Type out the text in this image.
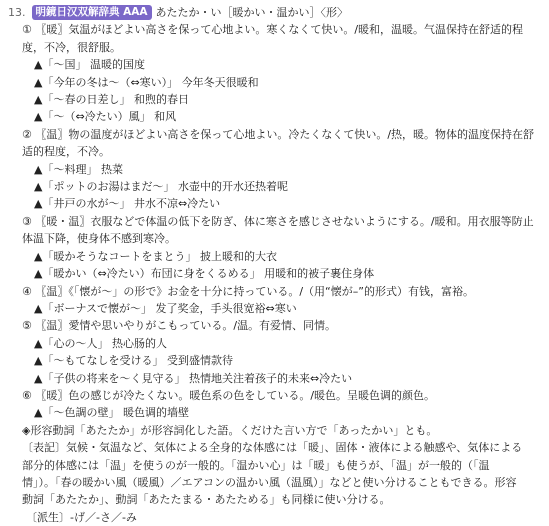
13. 明鏡日汉双解辞典 AAA あたたか・い［暖かい・温かい］〈形〉
① 〖暖〗気温がほどよい高さを保って心地よい。寒くなくて快い。/暖和，温暖。气温保持在舒适的程
度，不冷，很舒服。
▲「〜国」 温暖的国度
▲「今年の冬は〜（⇔寒い）」 今年冬天很暖和
▲「〜春の日差し」 和煦的春日
▲「〜（⇔冷たい）風」 和风
② 〖温〗物の温度がほどよい高さを保って心地よい。冷たくなくて快い。/热，暖。物体的温度保持在舒
适的程度，不冷。
▲「〜料理」 热菜
▲「ポットのお湯はまだ〜」 水壶中的开水还热着呢
▲「井戸の水が〜」 井水不凉⇔冷たい
③ 〖暖・温〗衣服などで体温の低下を防ぎ、体に寒さを感じさせないようにする。/暖和。用衣服等防止
体温下降，使身体不感到寒冷。
▲「暖かそうなコートをまとう」 披上暖和的大衣
▲「暖かい（⇔冷たい）布団に身をくるめる」 用暖和的被子裹住身体
④ 〖温〗《「懐が〜」の形で》お金を十分に持っている。/（用“懐が–”的形式）有钱，富裕。
▲「ボーナスで懐が〜」 发了奖金，手头很宽裕⇔寒い
⑤ 〖温〗愛情や思いやりがこもっている。/温。有爱情、同情。
▲「心の〜人」 热心肠的人
▲「〜もてなしを受ける」 受到盛情款待
▲「子供の将来を〜く見守る」 热情地关注着孩子的未来⇔冷たい
⑥ 〖暖〗色の感じが冷たくない。暖色系の色をしている。/暖色。呈暖色调的颜色。
▲「〜色調の壁」 暖色调的墙壁
◈形容動詞「あたたか」が形容詞化した語。くだけた言い方で「あったかい」とも。
〔表記〕気候・気温など、気体による全身的な体感には「暖」、固体・液体による触感や、気体による
部分的体感には「温」を使うのが一般的。「温かい心」は「暖」も使うが、「温」が一般的（「温
情」）。「春の暖かい風（暖風）／エアコンの温かい風（温風）」などと使い分けることもできる。形容
動詞「あたたか」、動詞「あたたまる・あたためる」も同様に使い分ける。
〔派生〕-げ／-さ／-み
